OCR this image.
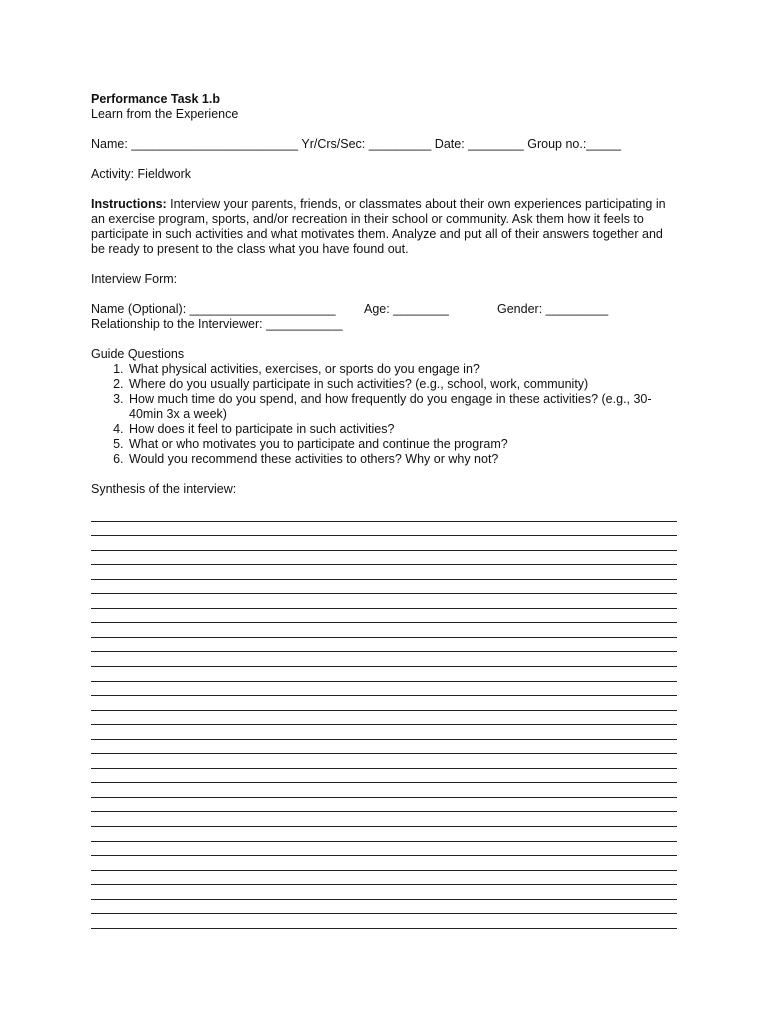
Performance Task 1.b
Learn from the Experience
Name: ________________________ Yr/Crs/Sec: _________ Date: ________ Group no.:_____
Activity: Fieldwork
Instructions: Interview your parents, friends, or classmates about their own experiences participating in an exercise program, sports, and/or recreation in their school or community. Ask them how it feels to participate in such activities and what motivates them. Analyze and put all of their answers together and be ready to present to the class what you have found out.
Interview Form:

Name (Optional): _____________________

Age: ________

	Gender: _________

Relationship to the Interviewer: ___________
Guide Questions
1. What physical activities, exercises, or sports do you engage in?
2. Where do you usually participate in such activities? (e.g., school, work, community)
3. How much time do you spend, and how frequently do you engage in these activities? (e.g., 30-40min 3x a week)
4. How does it feel to participate in such activities?
5. What or who motivates you to participate and continue the program?
6. Would you recommend these activities to others? Why or why not?
Synthesis of the interview:
